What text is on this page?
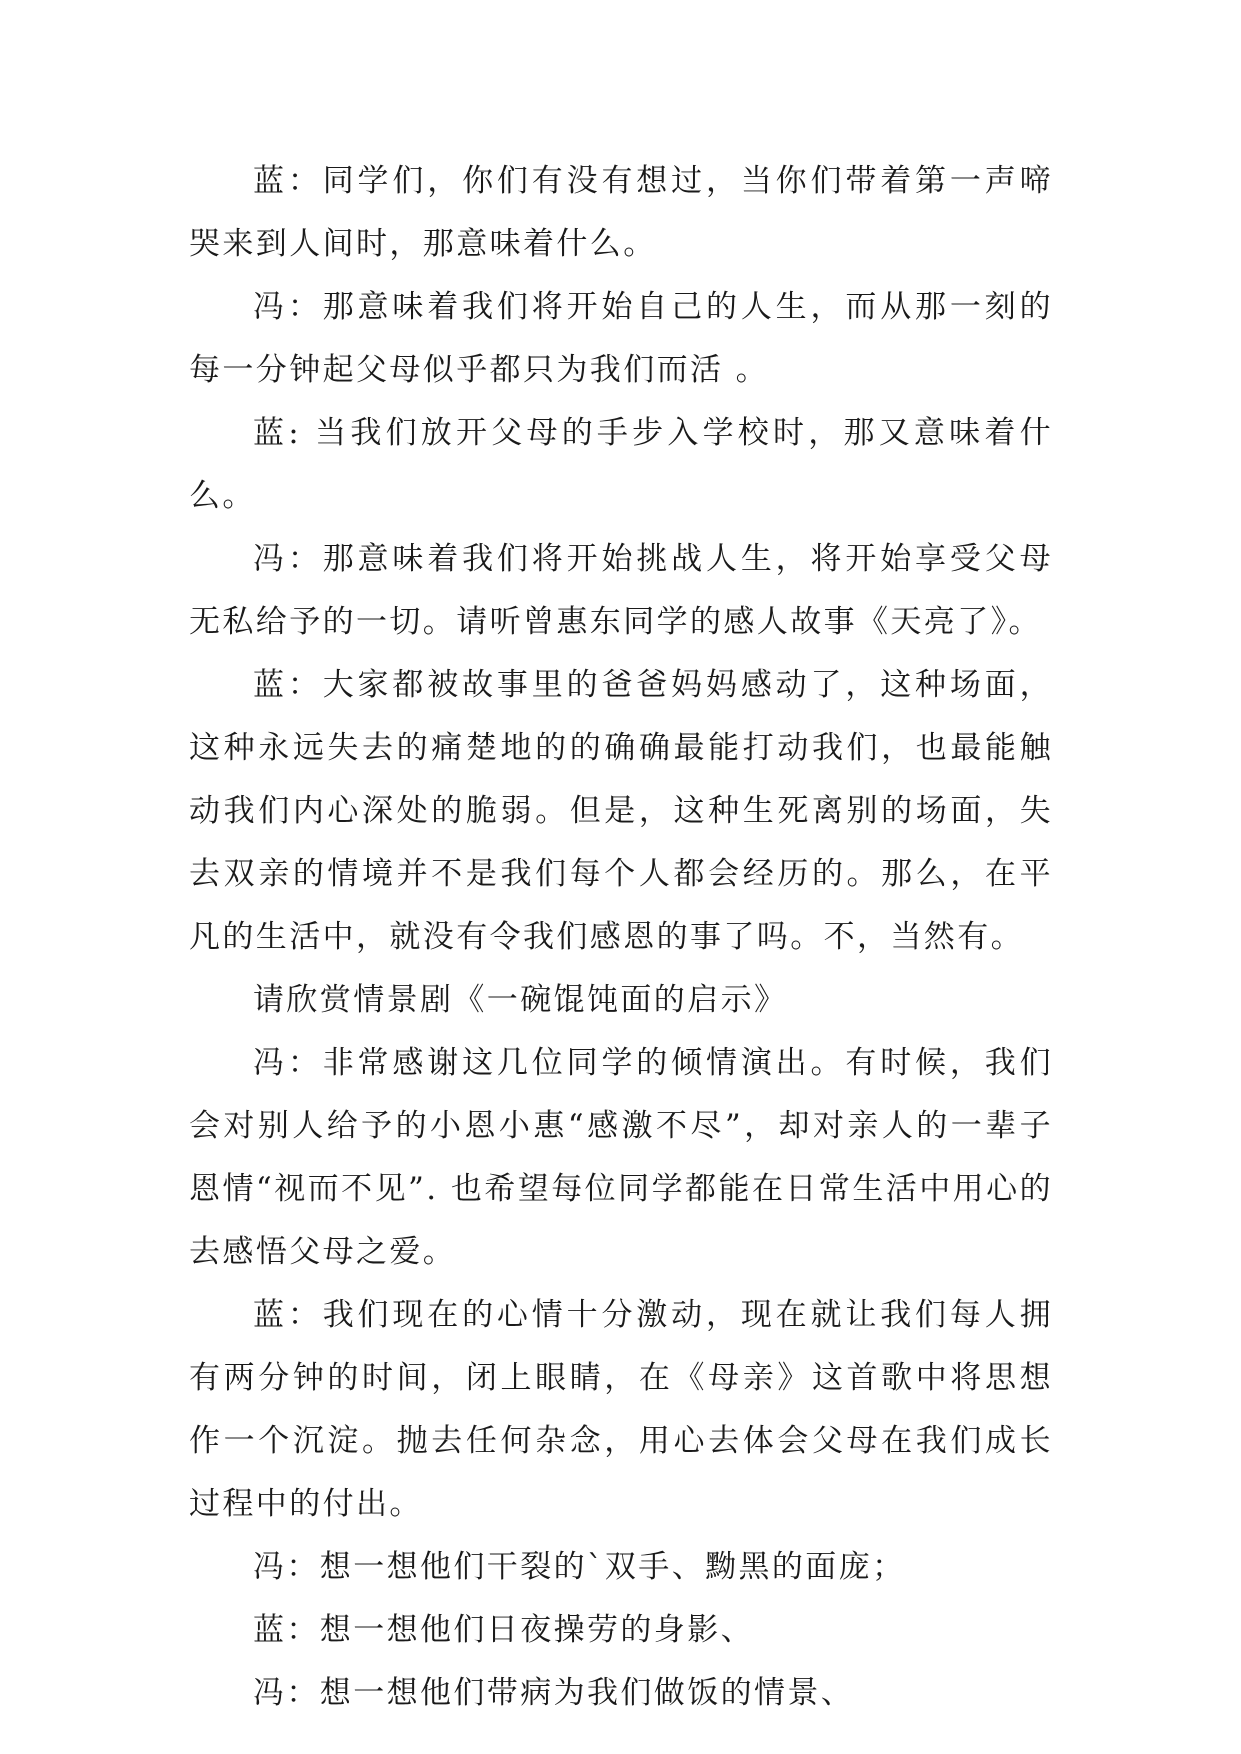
蓝：同学们，你们有没有想过，当你们带着第一声啼哭来到人间时，那意味着什么。

冯：那意味着我们将开始自己的人生，而从那一刻的每一分钟起父母似乎都只为我们而活 。

蓝: 当我们放开父母的手步入学校时，那又意味着什么。

冯：那意味着我们将开始挑战人生，将开始享受父母无私给予的一切。请听曾惠东同学的感人故事《天亮了》。

蓝：大家都被故事里的爸爸妈妈感动了，这种场面，这种永远失去的痛楚地的的确确最能打动我们，也最能触动我们内心深处的脆弱。但是，这种生死离别的场面，失去双亲的情境并不是我们每个人都会经历的。那么，在平凡的生活中，就没有令我们感恩的事了吗。不，当然有。

请欣赏情景剧《一碗馄饨面的启示》

冯：非常感谢这几位同学的倾情演出。有时候，我们会对别人给予的小恩小惠“感激不尽”，却对亲人的一辈子恩情“视而不见”. 也希望每位同学都能在日常生活中用心的去感悟父母之爱。

蓝：我们现在的心情十分激动，现在就让我们每人拥有两分钟的时间，闭上眼睛，在《母亲》这首歌中将思想作一个沉淀。抛去任何杂念，用心去体会父母在我们成长过程中的付出。

冯：想一想他们干裂的`双手、黝黑的面庞；

蓝：想一想他们日夜操劳的身影、

冯：想一想他们带病为我们做饭的情景、
